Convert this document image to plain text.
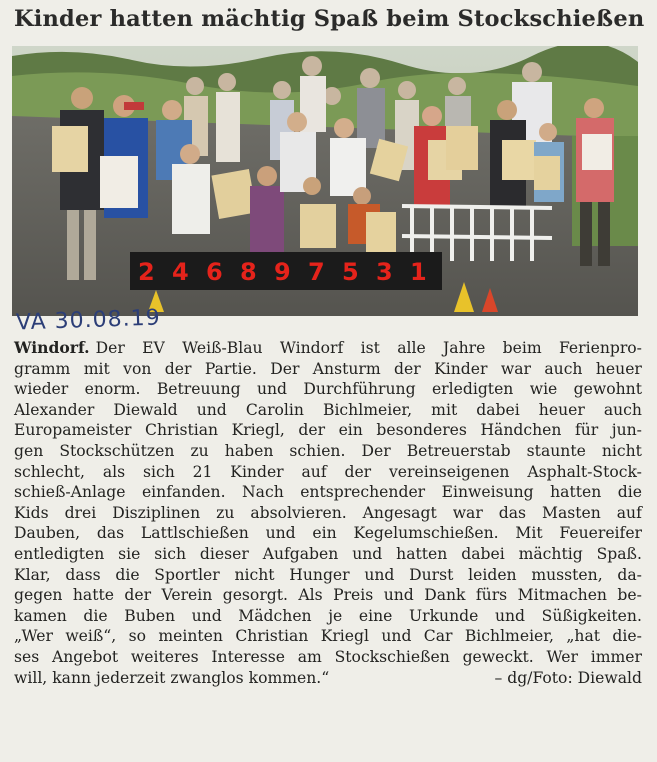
Kinder hatten mächtig Spaß beim Stockschießen
2 4 6 8 9 7 5 3 1
VA 30.08.19
Windorf. Der EV Weiß-Blau Windorf ist alle Jahre beim Ferienpro-
gramm mit von der Partie. Der Ansturm der Kinder war auch heuer
wieder enorm. Betreuung und Durchführung erledigten wie gewohnt
Alexander Diewald und Carolin Bichlmeier, mit dabei heuer auch
Europameister Christian Kriegl, der ein besonderes Händchen für jun-
gen Stockschützen zu haben schien. Der Betreuerstab staunte nicht
schlecht, als sich 21 Kinder auf der vereinseigenen Asphalt-Stock-
schieß-Anlage einfanden. Nach entsprechender Einweisung hatten die
Kids drei Disziplinen zu absolvieren. Angesagt war das Masten auf
Dauben, das Lattlschießen und ein Kegelumschießen. Mit Feuereifer
entledigten sie sich dieser Aufgaben und hatten dabei mächtig Spaß.
Klar, dass die Sportler nicht Hunger und Durst leiden mussten, da-
gegen hatte der Verein gesorgt. Als Preis und Dank fürs Mitmachen be-
kamen die Buben und Mädchen je eine Urkunde und Süßigkeiten.
„Wer weiß“, so meinten Christian Kriegl und Car Bichlmeier, „hat die-
ses Angebot weiteres Interesse am Stockschießen geweckt. Wer immer
will, kann jederzeit zwanglos kommen.“	– dg/Foto: Diewald
